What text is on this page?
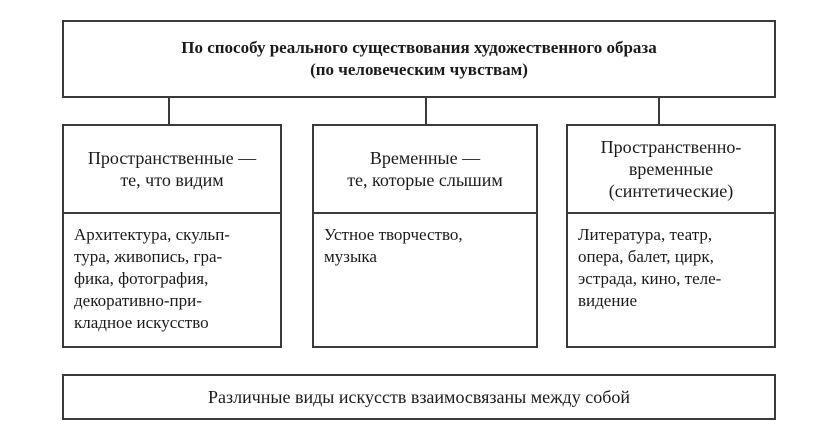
По способу реального существования художественного образа
(по человеческим чувствам)
Пространственные —
те, что видим
Архитектура, скульп-
тура, живопись, гра-
фика, фотография,
декоративно-при-
кладное искусство
Временные —
те, которые слышим
Устное творчество,
музыка
Пространственно-
временные
(синтетические)
Литература, театр,
опера, балет, цирк,
эстрада, кино, теле-
видение
Различные виды искусств взаимосвязаны между собой
